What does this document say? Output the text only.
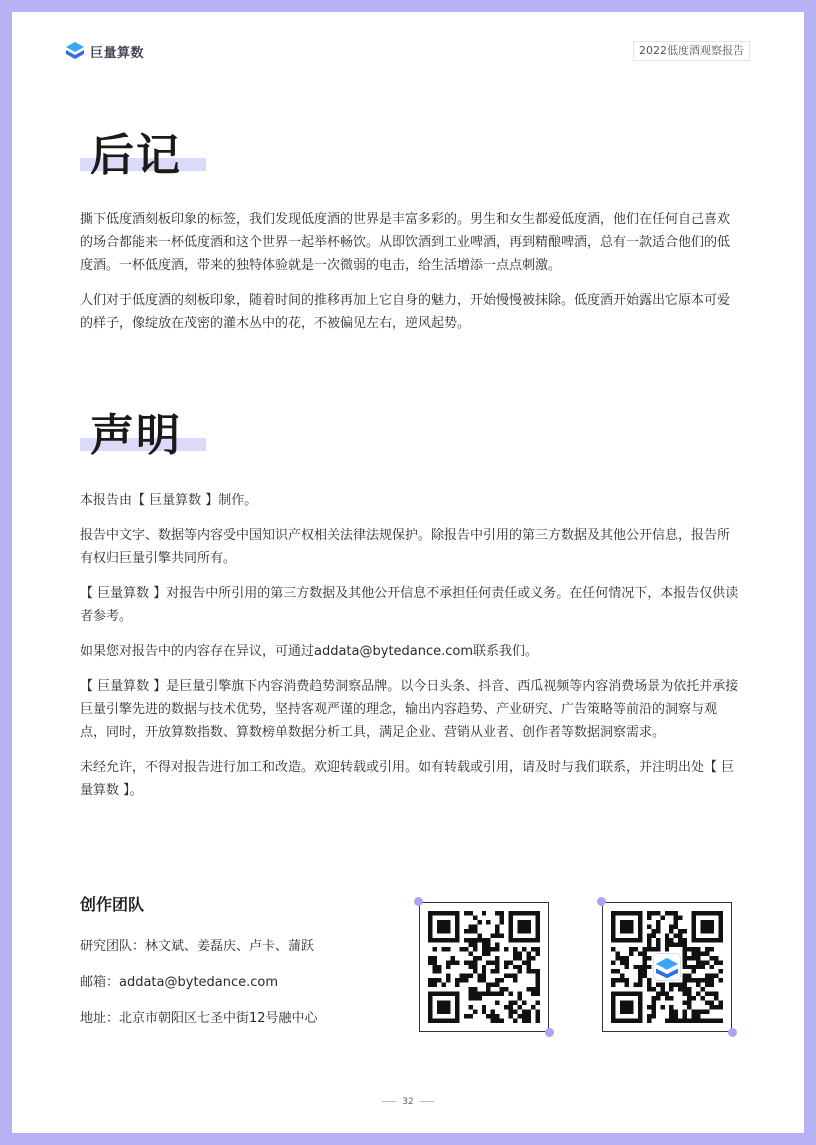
巨量算数	2022低度酒观察报告
后记

撕下低度酒刻板印象的标签，我们发现低度酒的世界是丰富多彩的。男生和女生都爱低度酒，他们在任何自己喜欢的场合都能来一杯低度酒和这个世界一起举杯畅饮。从即饮酒到工业啤酒，再到精酿啤酒，总有一款适合他们的低度酒。一杯低度酒，带来的独特体验就是一次微弱的电击，给生活增添一点点刺激。

人们对于低度酒的刻板印象，随着时间的推移再加上它自身的魅力，开始慢慢被抹除。低度酒开始露出它原本可爱的样子，像绽放在茂密的灌木丛中的花，不被偏见左右，逆风起势。

声明

本报告由【 巨量算数 】制作。

报告中文字、数据等内容受中国知识产权相关法律法规保护。除报告中引用的第三方数据及其他公开信息，报告所有权归巨量引擎共同所有。

【 巨量算数 】对报告中所引用的第三方数据及其他公开信息不承担任何责任或义务。在任何情况下，本报告仅供读者参考。

如果您对报告中的内容存在异议，可通过addata@bytedance.com联系我们。

【 巨量算数 】是巨量引擎旗下内容消费趋势洞察品牌。以今日头条、抖音、西瓜视频等内容消费场景为依托并承接巨量引擎先进的数据与技术优势，坚持客观严谨的理念，输出内容趋势、产业研究、广告策略等前沿的洞察与观点，同时，开放算数指数、算数榜单数据分析工具，满足企业、营销从业者、创作者等数据洞察需求。

未经允许，不得对报告进行加工和改造。欢迎转载或引用。如有转载或引用，请及时与我们联系，并注明出处【 巨量算数 】。

创作团队
研究团队：林文斌、姜磊庆、卢卡、蒲跃
邮箱：addata@bytedance.com
地址：北京市朝阳区七圣中街12号融中心
32
